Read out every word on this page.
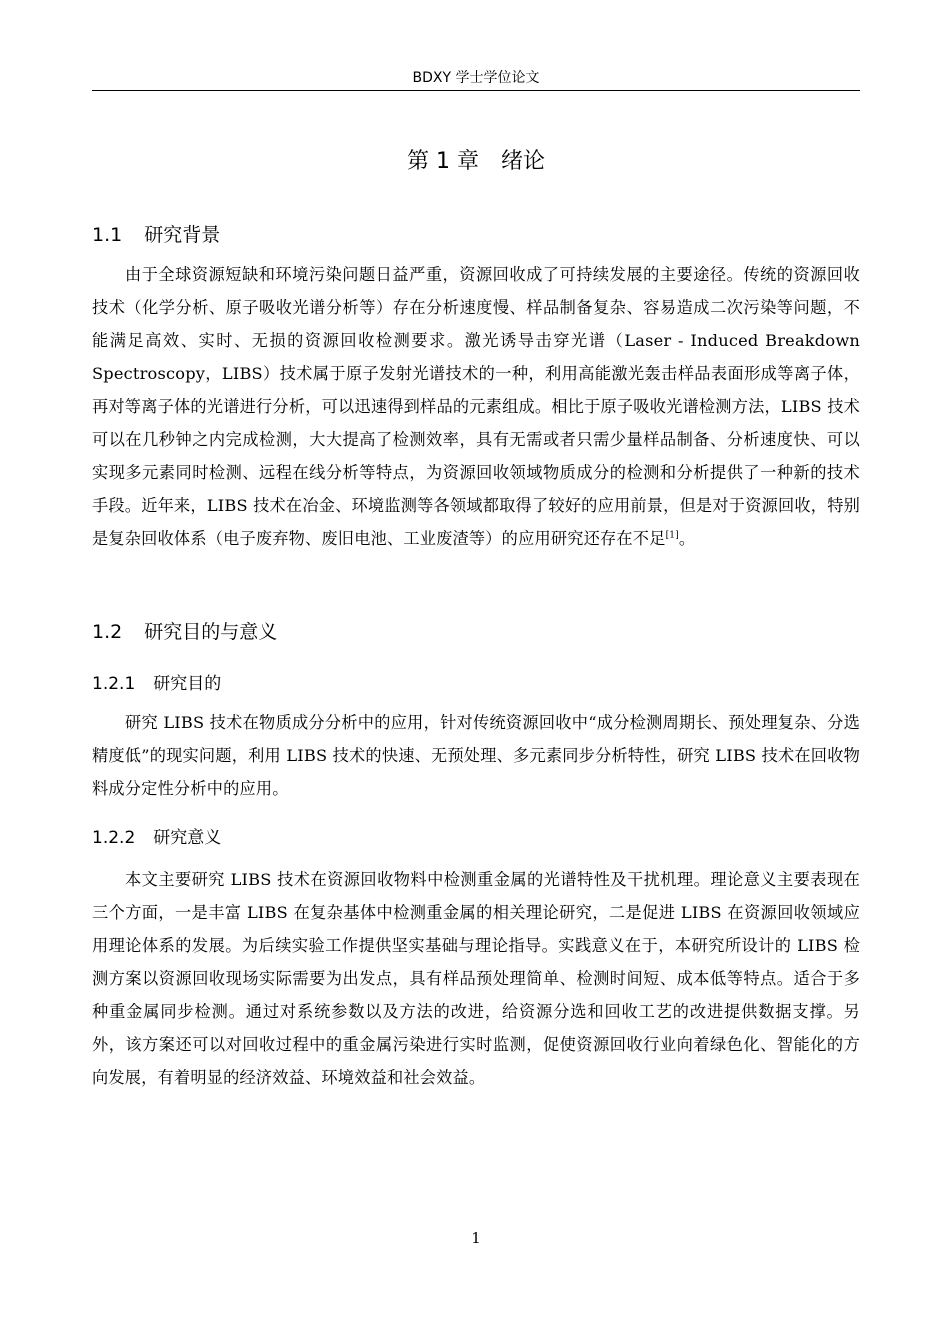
BDXY 学士学位论文
第 1 章 绪论
1.1 研究背景

由于全球资源短缺和环境污染问题日益严重，资源回收成了可持续发展的主要途径。传统的资源回收技术（化学分析、原子吸收光谱分析等）存在分析速度慢、样品制备复杂、容易造成二次污染等问题，不能满足高效、实时、无损的资源回收检测要求。激光诱导击穿光谱（Laser - Induced Breakdown Spectroscopy，LIBS）技术属于原子发射光谱技术的一种，利用高能激光轰击样品表面形成等离子体，再对等离子体的光谱进行分析，可以迅速得到样品的元素组成。相比于原子吸收光谱检测方法，LIBS 技术可以在几秒钟之内完成检测，大大提高了检测效率，具有无需或者只需少量样品制备、分析速度快、可以实现多元素同时检测、远程在线分析等特点，为资源回收领域物质成分的检测和分析提供了一种新的技术手段。近年来，LIBS 技术在冶金、环境监测等各领域都取得了较好的应用前景，但是对于资源回收，特别是复杂回收体系（电子废弃物、废旧电池、工业废渣等）的应用研究还存在不足[1]。

1.2 研究目的与意义
1.2.1 研究目的

研究 LIBS 技术在物质成分分析中的应用，针对传统资源回收中“成分检测周期长、预处理复杂、分选精度低”的现实问题，利用 LIBS 技术的快速、无预处理、多元素同步分析特性，研究 LIBS 技术在回收物料成分定性分析中的应用。

1.2.2 研究意义

本文主要研究 LIBS 技术在资源回收物料中检测重金属的光谱特性及干扰机理。理论意义主要表现在三个方面，一是丰富 LIBS 在复杂基体中检测重金属的相关理论研究，二是促进 LIBS 在资源回收领域应用理论体系的发展。为后续实验工作提供坚实基础与理论指导。实践意义在于，本研究所设计的 LIBS 检测方案以资源回收现场实际需要为出发点，具有样品预处理简单、检测时间短、成本低等特点。适合于多种重金属同步检测。通过对系统参数以及方法的改进，给资源分选和回收工艺的改进提供数据支撑。另外，该方案还可以对回收过程中的重金属污染进行实时监测，促使资源回收行业向着绿色化、智能化的方向发展，有着明显的经济效益、环境效益和社会效益。

1
